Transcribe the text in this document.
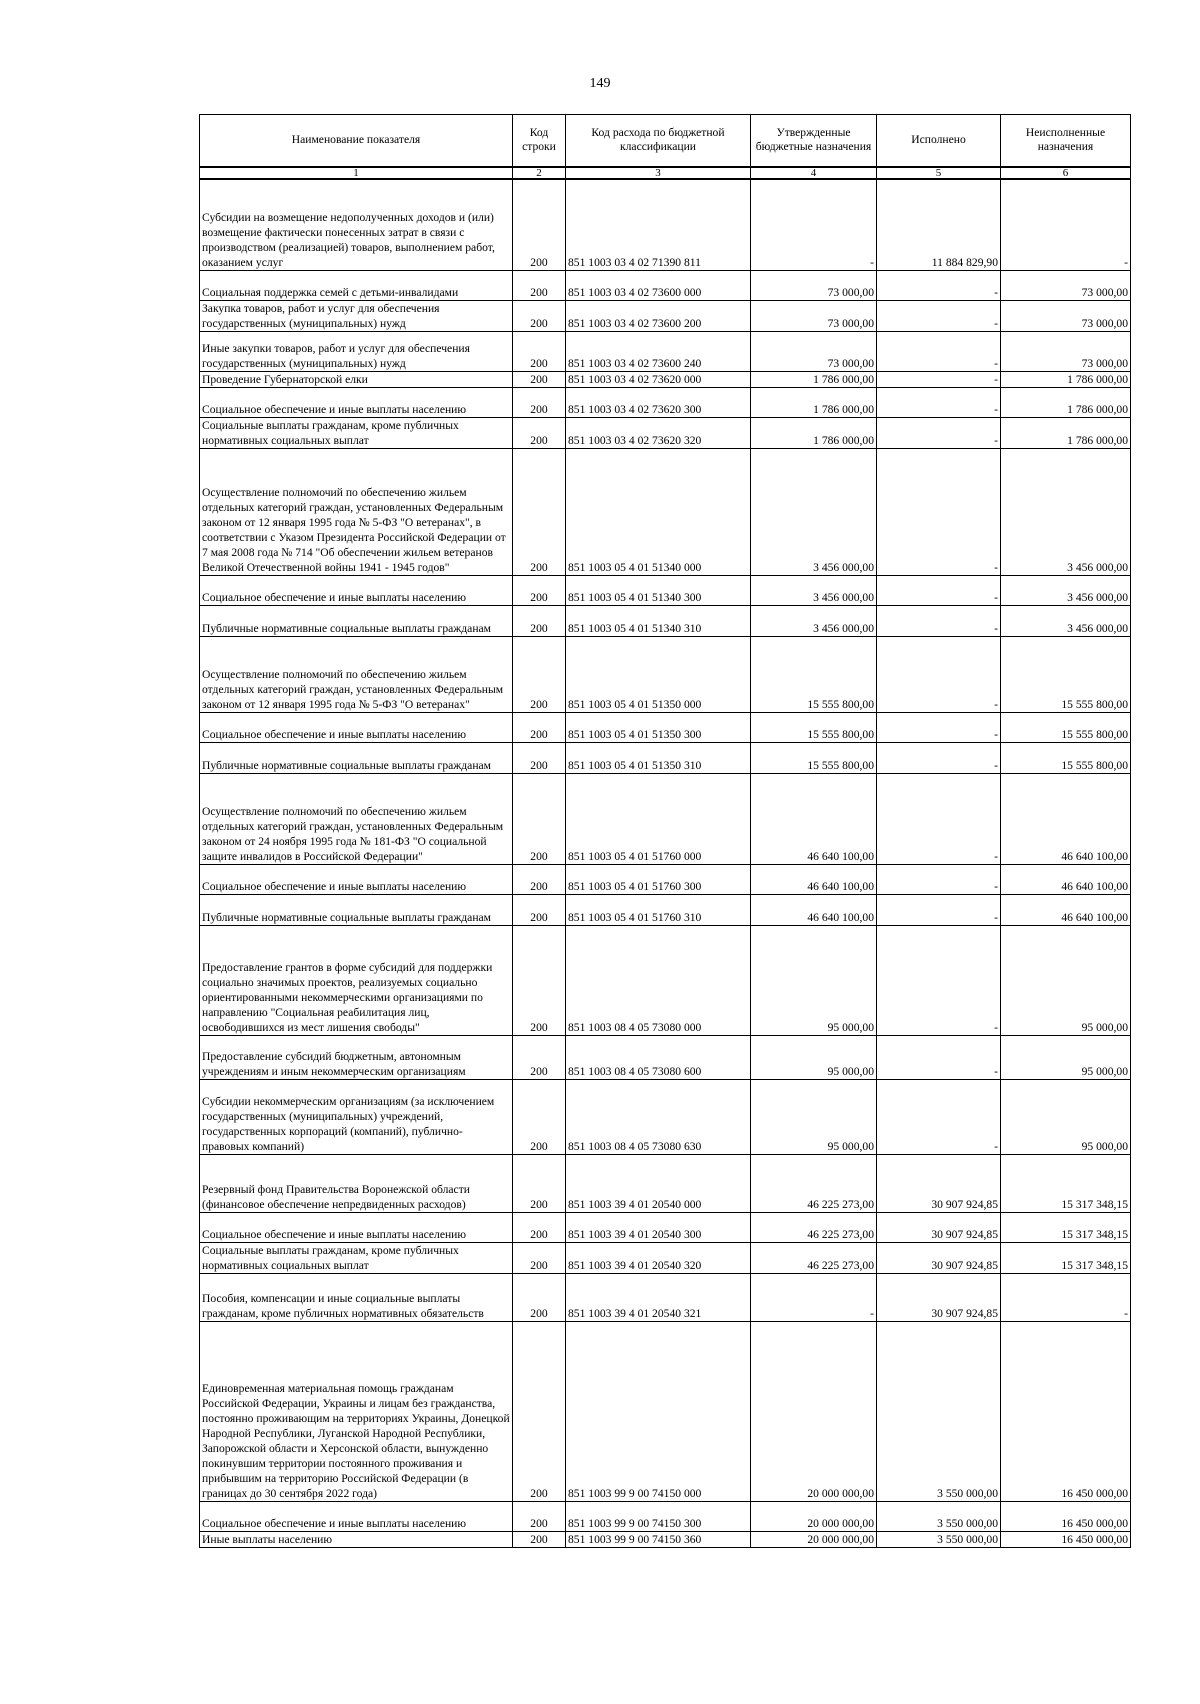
149
Наименование показателя	Код строки	Код расхода по бюджетной классификации	Утвержденные бюджетные назначения	Исполнено	Неисполненные назначения
1	2	3	4	5	6
Субсидии на возмещение недополученных доходов и (или) возмещение фактически понесенных затрат в связи с производством (реализацией) товаров, выполнением работ, оказанием услуг	200	851 1003 03 4 02 71390 811	-	11 884 829,90	-
Социальная поддержка семей с детьми-инвалидами	200	851 1003 03 4 02 73600 000	73 000,00	-	73 000,00
Закупка товаров, работ и услуг для обеспечения государственных (муниципальных) нужд	200	851 1003 03 4 02 73600 200	73 000,00	-	73 000,00
Иные закупки товаров, работ и услуг для обеспечения государственных (муниципальных) нужд	200	851 1003 03 4 02 73600 240	73 000,00	-	73 000,00
Проведение Губернаторской елки	200	851 1003 03 4 02 73620 000	1 786 000,00	-	1 786 000,00
Социальное обеспечение и иные выплаты населению	200	851 1003 03 4 02 73620 300	1 786 000,00	-	1 786 000,00
Социальные выплаты гражданам, кроме публичных нормативных социальных выплат	200	851 1003 03 4 02 73620 320	1 786 000,00	-	1 786 000,00
Осуществление полномочий по обеспечению жильем отдельных категорий граждан, установленных Федеральным законом от 12 января 1995 года № 5-ФЗ "О ветеранах", в соответствии с Указом Президента Российской Федерации от 7 мая 2008 года № 714 "Об обеспечении жильем ветеранов Великой Отечественной войны 1941 - 1945 годов"	200	851 1003 05 4 01 51340 000	3 456 000,00	-	3 456 000,00
Социальное обеспечение и иные выплаты населению	200	851 1003 05 4 01 51340 300	3 456 000,00	-	3 456 000,00
Публичные нормативные социальные выплаты гражданам	200	851 1003 05 4 01 51340 310	3 456 000,00	-	3 456 000,00
Осуществление полномочий по обеспечению жильем отдельных категорий граждан, установленных Федеральным законом от 12 января 1995 года № 5-ФЗ "О ветеранах"	200	851 1003 05 4 01 51350 000	15 555 800,00	-	15 555 800,00
Социальное обеспечение и иные выплаты населению	200	851 1003 05 4 01 51350 300	15 555 800,00	-	15 555 800,00
Публичные нормативные социальные выплаты гражданам	200	851 1003 05 4 01 51350 310	15 555 800,00	-	15 555 800,00
Осуществление полномочий по обеспечению жильем отдельных категорий граждан, установленных Федеральным законом от 24 ноября 1995 года № 181-ФЗ "О социальной защите инвалидов в Российской Федерации"	200	851 1003 05 4 01 51760 000	46 640 100,00	-	46 640 100,00
Социальное обеспечение и иные выплаты населению	200	851 1003 05 4 01 51760 300	46 640 100,00	-	46 640 100,00
Публичные нормативные социальные выплаты гражданам	200	851 1003 05 4 01 51760 310	46 640 100,00	-	46 640 100,00
Предоставление грантов в форме субсидий для поддержки социально значимых проектов, реализуемых социально ориентированными некоммерческими организациями по направлению "Социальная реабилитация лиц, освободившихся из мест лишения свободы"	200	851 1003 08 4 05 73080 000	95 000,00	-	95 000,00
Предоставление субсидий бюджетным, автономным учреждениям и иным некоммерческим организациям	200	851 1003 08 4 05 73080 600	95 000,00	-	95 000,00
Субсидии некоммерческим организациям (за исключением государственных (муниципальных) учреждений, государственных корпораций (компаний), публично-правовых компаний)	200	851 1003 08 4 05 73080 630	95 000,00	-	95 000,00
Резервный фонд Правительства Воронежской области (финансовое обеспечение непредвиденных расходов)	200	851 1003 39 4 01 20540 000	46 225 273,00	30 907 924,85	15 317 348,15
Социальное обеспечение и иные выплаты населению	200	851 1003 39 4 01 20540 300	46 225 273,00	30 907 924,85	15 317 348,15
Социальные выплаты гражданам, кроме публичных нормативных социальных выплат	200	851 1003 39 4 01 20540 320	46 225 273,00	30 907 924,85	15 317 348,15
Пособия, компенсации и иные социальные выплаты гражданам, кроме публичных нормативных обязательств	200	851 1003 39 4 01 20540 321	-	30 907 924,85	-
Единовременная материальная помощь гражданам Российской Федерации, Украины и лицам без гражданства, постоянно проживающим на территориях Украины, Донецкой Народной Республики, Луганской Народной Республики, Запорожской области и Херсонской области, вынужденно покинувшим территории постоянного проживания и прибывшим на территорию Российской Федерации (в границах до 30 сентября 2022 года)	200	851 1003 99 9 00 74150 000	20 000 000,00	3 550 000,00	16 450 000,00
Социальное обеспечение и иные выплаты населению	200	851 1003 99 9 00 74150 300	20 000 000,00	3 550 000,00	16 450 000,00
Иные выплаты населению	200	851 1003 99 9 00 74150 360	20 000 000,00	3 550 000,00	16 450 000,00
